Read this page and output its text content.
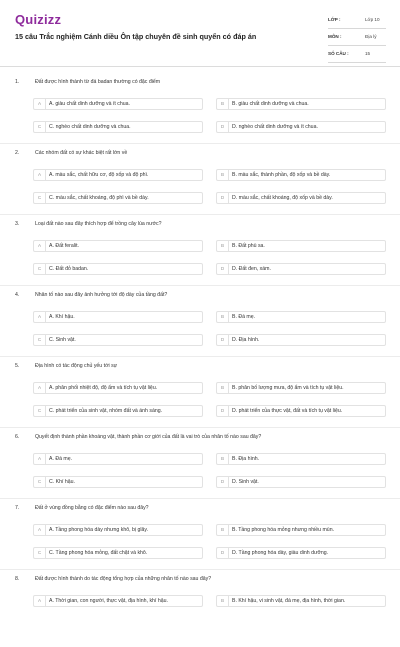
Quizizz
15 câu Trắc nghiệm Cánh diều Ôn tập chuyên đề sinh quyển có đáp án
LỚP :	Lớp 10
MÔN :	Địa lý
SỐ CÂU :	15
1.	Đất được hình thành từ đá badan thường có đặc điểm
A	A. giàu chất dinh dưỡng và ít chua.	B	B. giàu chất dinh dưỡng và chua.
C	C. nghèo chất dinh dưỡng và chua.	D	D. nghèo chất dinh dưỡng và ít chua.
2.	Các nhóm đất có sự khác biệt rất lớn về
A	A. màu sắc, chất hữu cơ, độ xốp và độ phì.	B	B. màu sắc, thành phần, độ xốp và bề dày.
C	C. màu sắc, chất khoáng, độ phì và bề dày.	D	D. màu sắc, chất khoáng, độ xốp và bề dày.
3.	Loại đất nào sau đây thích hợp để trồng cây lúa nước?
A	A. Đất feralit.	B	B. Đất phù sa.
C	C. Đất đỏ badan.	D	D. Đất đen, xám.
4.	Nhân tố nào sau đây ảnh hưởng tới độ dày của tầng đất?
A	A. Khí hậu.	B	B. Đá mẹ.
C	C. Sinh vật.	D	D. Địa hình.
5.	Địa hình có tác động chủ yếu tới sự
A	A. phân phối nhiệt độ, độ ẩm và tích tụ vật liệu.	B	B. phân bố lượng mưa, độ ẩm và tích tụ vật liệu.
C	C. phát triển của sinh vật, nhóm đất và ánh sáng.	D	D. phát triển của thực vật, đất và tích tụ vật liệu.
6.	Quyết định thành phần khoáng vật, thành phần cơ giới của đất là vai trò của nhân tố nào sau đây?
A	A. Đá mẹ.	B	B. Địa hình.
C	C. Khí hậu.	D	D. Sinh vật.
7.	Đất ở vùng đồng bằng có đặc điểm nào sau đây?
A	A. Tầng phong hóa dày nhưng khô, bị glây.	B	B. Tầng phong hóa mỏng nhưng nhiều mùn.
C	C. Tầng phong hóa mỏng, đất chặt và khô.	D	D. Tầng phong hóa dày, giàu dinh dưỡng.
8.	Đất được hình thành do tác động tổng hợp của những nhân tố nào sau đây?
A	A. Thời gian, con người, thực vật, địa hình, khí hậu.	B	B. Khí hậu, vi sinh vật, đá mẹ, địa hình, thời gian.
